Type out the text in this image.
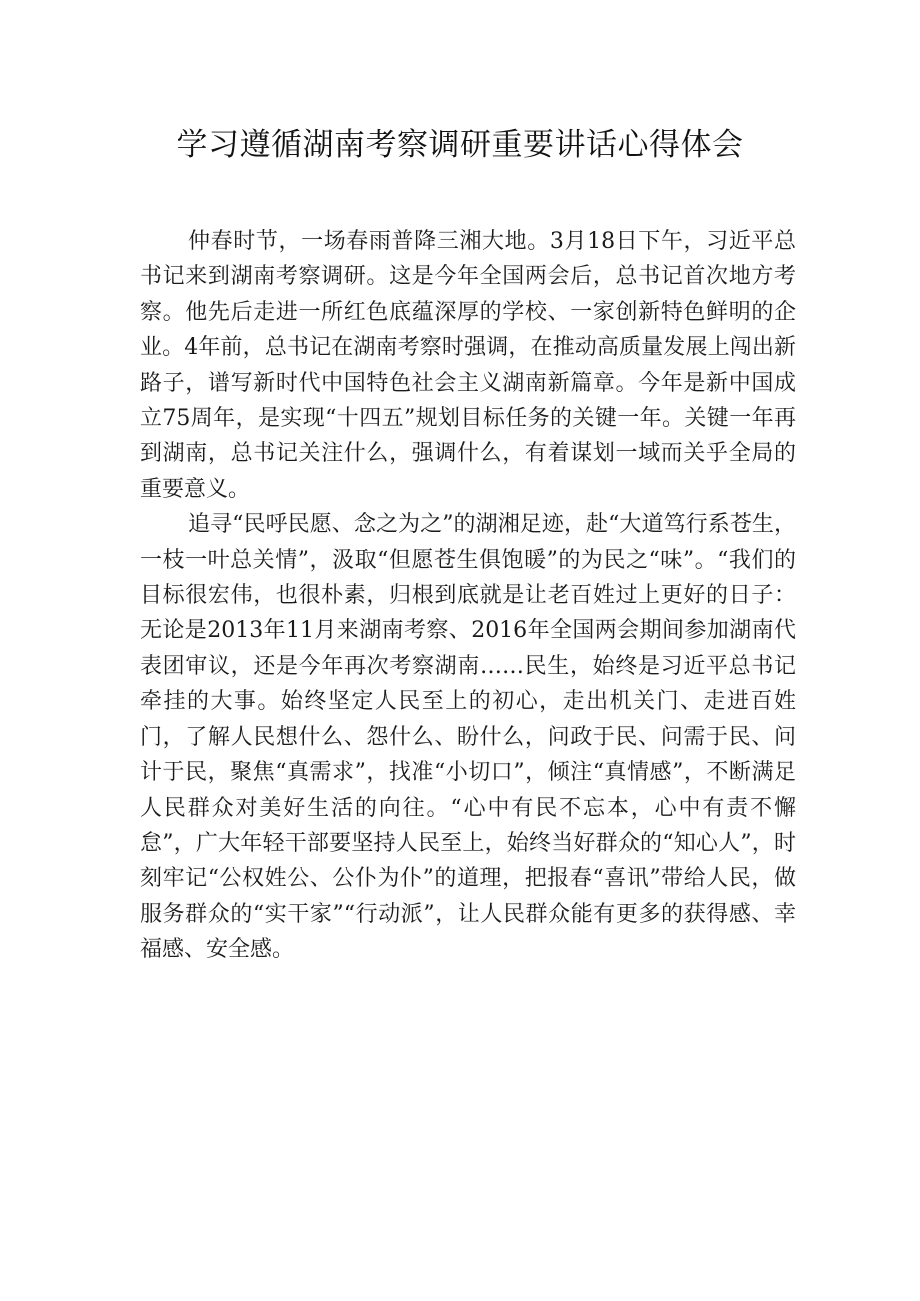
学习遵循湖南考察调研重要讲话心得体会

仲春时节，一场春雨普降三湘大地。3月18日下午，习近平总书记来到湖南考察调研。这是今年全国两会后，总书记首次地方考察。他先后走进一所红色底蕴深厚的学校、一家创新特色鲜明的企业。4年前，总书记在湖南考察时强调，在推动高质量发展上闯出新路子，谱写新时代中国特色社会主义湖南新篇章。今年是新中国成立75周年，是实现“十四五”规划目标任务的关键一年。关键一年再到湖南，总书记关注什么，强调什么，有着谋划一域而关乎全局的重要意义。

追寻“民呼民愿、念之为之”的湖湘足迹，赴“大道笃行系苍生，一枝一叶总关情”，汲取“但愿苍生俱饱暖”的为民之“味”。“我们的目标很宏伟，也很朴素，归根到底就是让老百姓过上更好的日子：无论是2013年11月来湖南考察、2016年全国两会期间参加湖南代表团审议，还是今年再次考察湖南……民生，始终是习近平总书记牵挂的大事。始终坚定人民至上的初心，走出机关门、走进百姓门，了解人民想什么、怨什么、盼什么，问政于民、问需于民、问计于民，聚焦“真需求”，找准“小切口”，倾注“真情感”，不断满足人民群众对美好生活的向往。“心中有民不忘本，心中有责不懈怠”，广大年轻干部要坚持人民至上，始终当好群众的“知心人”，时刻牢记“公权姓公、公仆为仆”的道理，把报春“喜讯”带给人民，做服务群众的“实干家”“行动派”，让人民群众能有更多的获得感、幸福感、安全感。
